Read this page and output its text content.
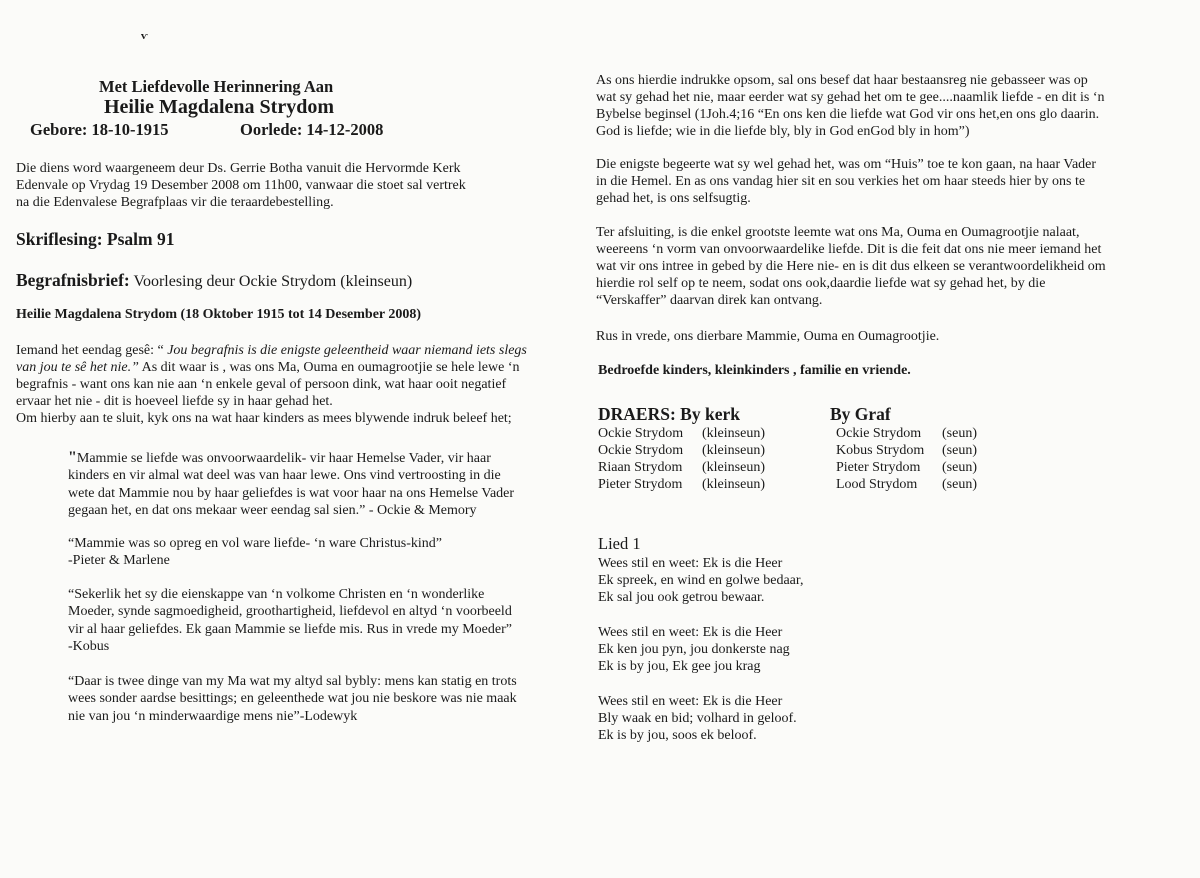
ѵ
Met Liefdevolle Herinnering Aan
Heilie Magdalena Strydom
Gebore: 18-10-1915	Oorlede: 14-12-2008

Die diens word waargeneem deur Ds. Gerrie Botha vanuit die Hervormde Kerk

Edenvale op Vrydag 19 Desember 2008 om 11h00, vanwaar die stoet sal vertrek

na die Edenvalese Begrafplaas vir die teraardebestelling.

Skriflesing: Psalm 91
Begrafnisbrief: Voorlesing deur Ockie Strydom (kleinseun)
Heilie Magdalena Strydom (18 Oktober 1915 tot 14 Desember 2008)

Iemand het eendag gesê: “ Jou begrafnis is die enigste geleentheid waar niemand iets slegs

van jou te sê het nie.” As dit waar is , was ons Ma, Ouma en oumagrootjie se hele lewe ‘n

begrafnis - want ons kan nie aan ‘n enkele geval of persoon dink, wat haar ooit negatief

ervaar het nie - dit is hoeveel liefde sy in haar gehad het.

Om hierby aan te sluit, kyk ons na wat haar kinders as mees blywende indruk beleef het;

"Mammie se liefde was onvoorwaardelik- vir haar Hemelse Vader, vir haar
kinders en vir almal wat deel was van haar lewe. Ons vind vertroosting in die
wete dat Mammie nou by haar geliefdes is wat voor haar na ons Hemelse Vader
gegaan het, en dat ons mekaar weer eendag sal sien.” - Ockie & Memory
“Mammie was so opreg en vol ware liefde- ‘n ware Christus-kind”
-Pieter & Marlene
“Sekerlik het sy die eienskappe van ‘n volkome Christen en ‘n wonderlike
Moeder, synde sagmoedigheid, groothartigheid, liefdevol en altyd ‘n voorbeeld
vir al haar geliefdes. Ek gaan Mammie se liefde mis. Rus in vrede my Moeder”
-Kobus
“Daar is twee dinge van my Ma wat my altyd sal bybly: mens kan statig en trots
wees sonder aardse besittings; en geleenthede wat jou nie beskore was nie maak
nie van jou ‘n minderwaardige mens nie”-Lodewyk

As ons hierdie indrukke opsom, sal ons besef dat haar bestaansreg nie gebasseer was op

wat sy gehad het nie, maar eerder wat sy gehad het om te gee....naamlik liefde - en dit is ‘n

Bybelse beginsel (1Joh.4;16 “En ons ken die liefde wat God vir ons het,en ons glo daarin.

God is liefde; wie in die liefde bly, bly in God enGod bly in hom”)

Die enigste begeerte wat sy wel gehad het, was om “Huis” toe te kon gaan, na haar Vader

in die Hemel. En as ons vandag hier sit en sou verkies het om haar steeds hier by ons te

gehad het, is ons selfsugtig.

Ter afsluiting, is die enkel grootste leemte wat ons Ma, Ouma en Oumagrootjie nalaat,

weereens ‘n vorm van onvoorwaardelike liefde. Dit is die feit dat ons nie meer iemand het

wat vir ons intree in gebed by die Here nie- en is dit dus elkeen se verantwoordelikheid om

hierdie rol self op te neem, sodat ons ook,daardie liefde wat sy gehad het, by die

“Verskaffer” daarvan direk kan ontvang.

Rus in vrede, ons dierbare Mammie, Ouma en Oumagrootjie.

Bedroefde kinders, kleinkinders , familie en vriende.
DRAERS: By kerk
Ockie Strydom	(kleinseun)
Ockie Strydom	(kleinseun)
Riaan Strydom	(kleinseun)
Pieter Strydom	(kleinseun)
By Graf
Ockie Strydom	(seun)
Kobus Strydom	(seun)
Pieter Strydom	(seun)
Lood Strydom	(seun)
Lied 1
Wees stil en weet: Ek is die Heer
Ek spreek, en wind en golwe bedaar,
Ek sal jou ook getrou bewaar.
Wees stil en weet: Ek is die Heer
Ek ken jou pyn, jou donkerste nag
Ek is by jou, Ek gee jou krag
Wees stil en weet: Ek is die Heer
Bly waak en bid; volhard in geloof.
Ek is by jou, soos ek beloof.
